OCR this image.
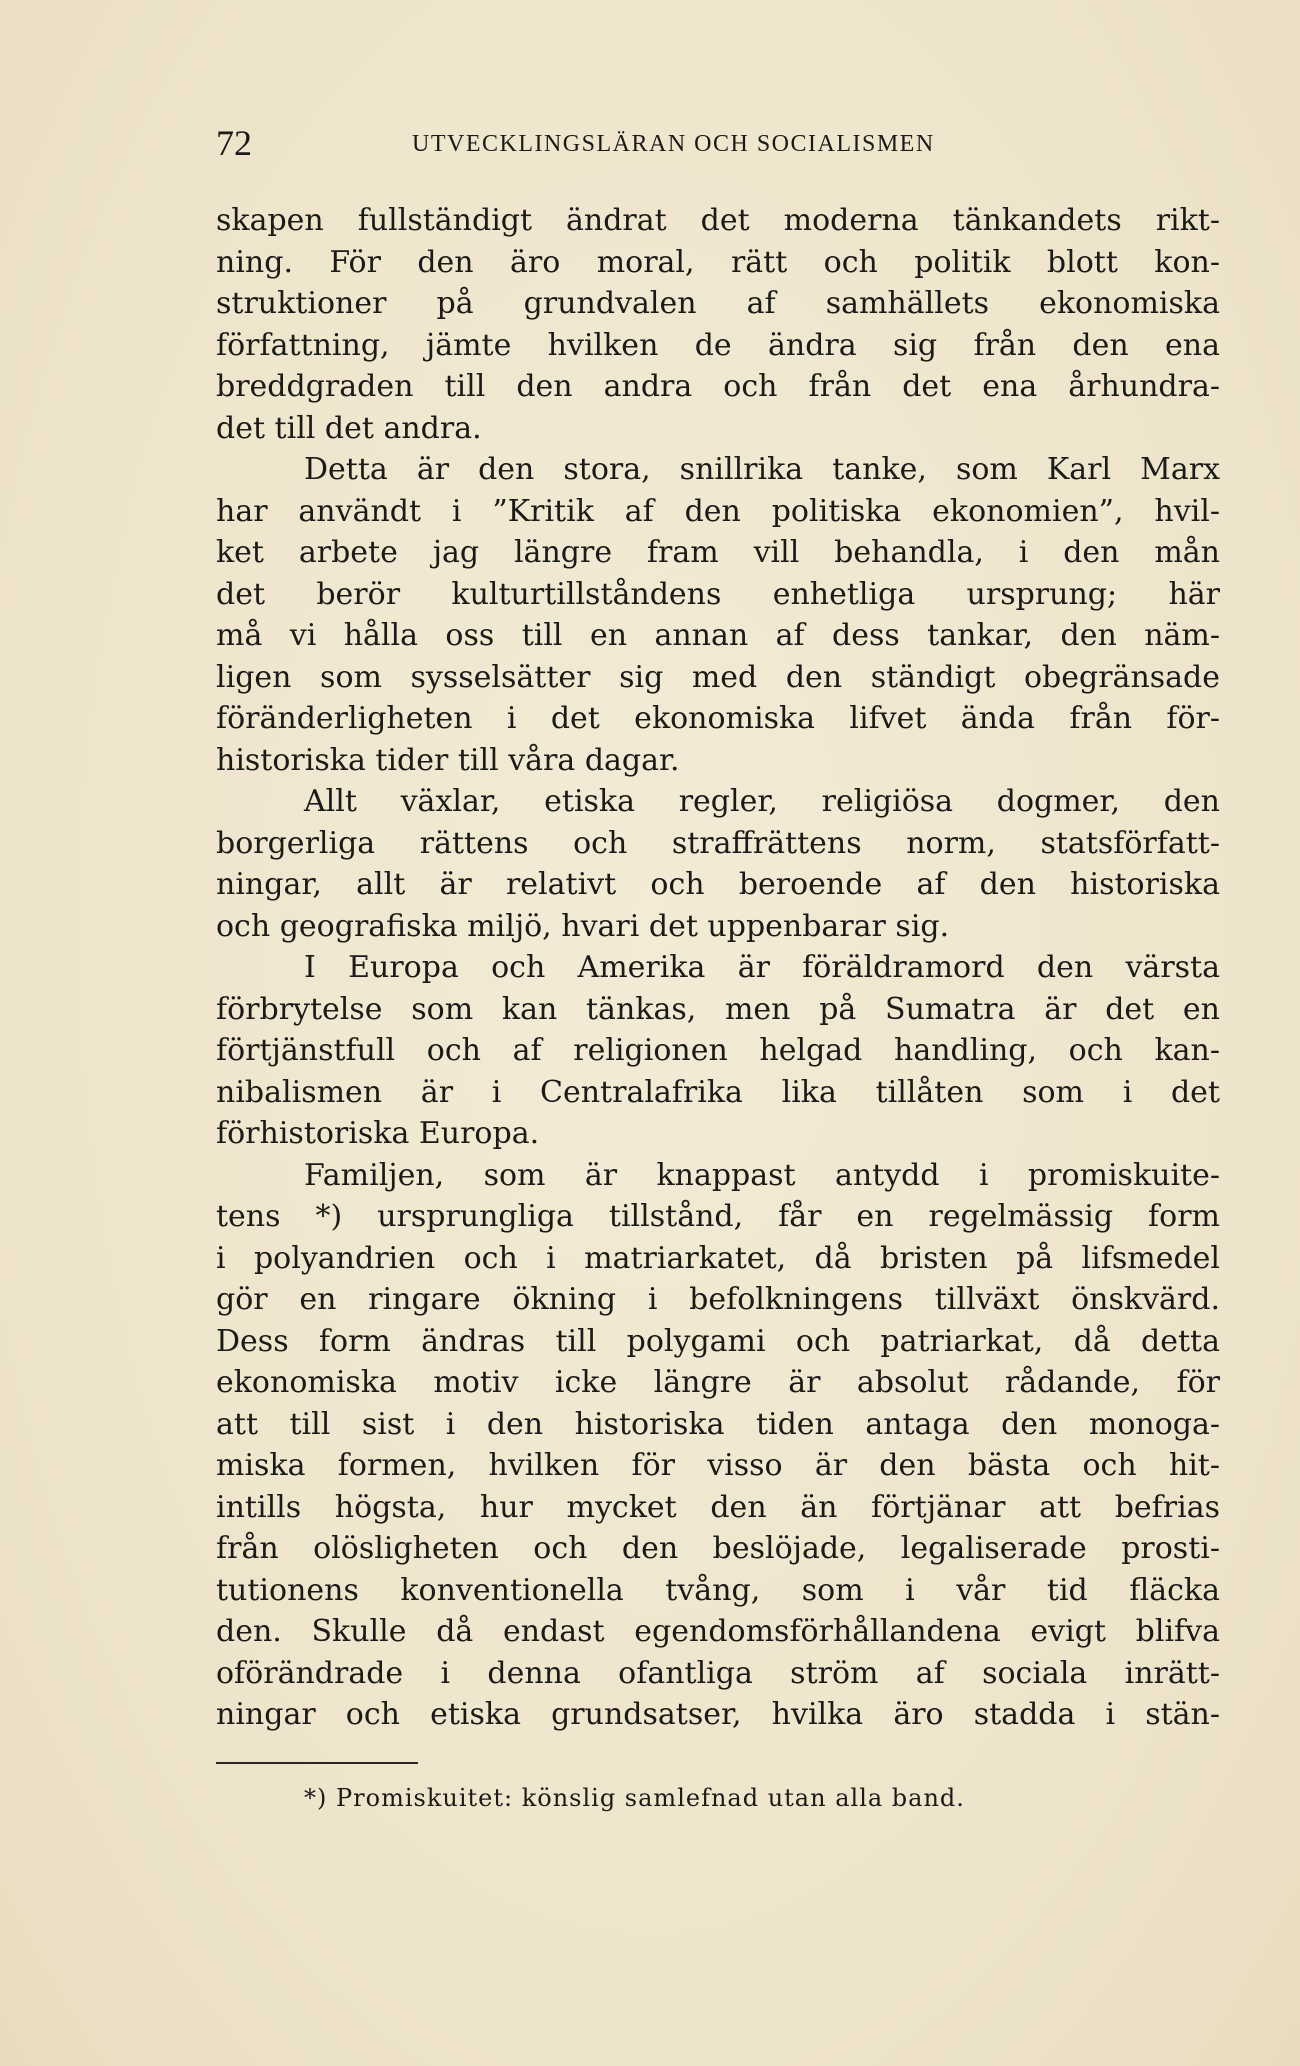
72	UTVECKLINGSLÄRAN OCH SOCIALISMEN
skapen fullständigt ändrat det moderna tänkandets rikt-
ning. För den äro moral, rätt och politik blott kon-
struktioner på grundvalen af samhällets ekonomiska
författning, jämte hvilken de ändra sig från den ena
breddgraden till den andra och från det ena århundra-
det till det andra.
Detta är den stora, snillrika tanke, som Karl Marx
har användt i ”Kritik af den politiska ekonomien”, hvil-
ket arbete jag längre fram vill behandla, i den mån
det berör kulturtillståndens enhetliga ursprung; här
må vi hålla oss till en annan af dess tankar, den näm-
ligen som sysselsätter sig med den ständigt obegränsade
föränderligheten i det ekonomiska lifvet ända från för-
historiska tider till våra dagar.
Allt växlar, etiska regler, religiösa dogmer, den
borgerliga rättens och straffrättens norm, statsförfatt-
ningar, allt är relativt och beroende af den historiska
och geografiska miljö, hvari det uppenbarar sig.
I Europa och Amerika är föräldramord den värsta
förbrytelse som kan tänkas, men på Sumatra är det en
förtjänstfull och af religionen helgad handling, och kan-
nibalismen är i Centralafrika lika tillåten som i det
förhistoriska Europa.
Familjen, som är knappast antydd i promiskuite-
tens *) ursprungliga tillstånd, får en regelmässig form
i polyandrien och i matriarkatet, då bristen på lifsmedel
gör en ringare ökning i befolkningens tillväxt önskvärd.
Dess form ändras till polygami och patriarkat, då detta
ekonomiska motiv icke längre är absolut rådande, för
att till sist i den historiska tiden antaga den monoga-
miska formen, hvilken för visso är den bästa och hit-
intills högsta, hur mycket den än förtjänar att befrias
från olösligheten och den beslöjade, legaliserade prosti-
tutionens konventionella tvång, som i vår tid fläcka
den. Skulle då endast egendomsförhållandena evigt blifva
oförändrade i denna ofantliga ström af sociala inrätt-
ningar och etiska grundsatser, hvilka äro stadda i stän-
*) Promiskuitet: könslig samlefnad utan alla band.
